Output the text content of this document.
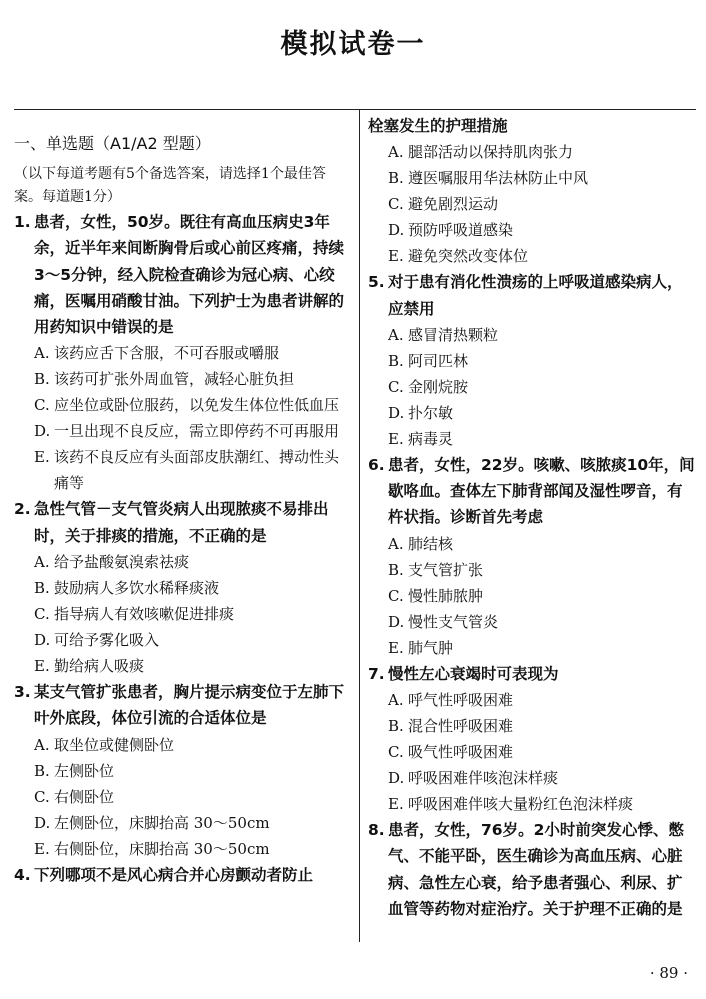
模拟试卷一
一、单选题（A1/A2 型题）
（以下每道考题有5个备选答案，请选择1个最佳答案。每道题1分）
1. 患者，女性，50岁。既往有高血压病史3年余，近半年来间断胸骨后或心前区疼痛，持续3～5分钟，经入院检查确诊为冠心病、心绞痛，医嘱用硝酸甘油。下列护士为患者讲解的用药知识中错误的是
A. 该药应舌下含服，不可吞服或嚼服
B. 该药可扩张外周血管，减轻心脏负担
C. 应坐位或卧位服药，以免发生体位性低血压
D. 一旦出现不良反应，需立即停药不可再服用
E. 该药不良反应有头面部皮肤潮红、搏动性头痛等
2. 急性气管－支气管炎病人出现脓痰不易排出时，关于排痰的措施，不正确的是
A. 给予盐酸氨溴索祛痰
B. 鼓励病人多饮水稀释痰液
C. 指导病人有效咳嗽促进排痰
D. 可给予雾化吸入
E. 勤给病人吸痰
3. 某支气管扩张患者，胸片提示病变位于左肺下叶外底段，体位引流的合适体位是
A. 取坐位或健侧卧位
B. 左侧卧位
C. 右侧卧位
D. 左侧卧位，床脚抬高 30～50cm
E. 右侧卧位，床脚抬高 30～50cm
4. 下列哪项不是风心病合并心房颤动者防止
栓塞发生的护理措施
A. 腿部活动以保持肌肉张力
B. 遵医嘱服用华法林防止中风
C. 避免剧烈运动
D. 预防呼吸道感染
E. 避免突然改变体位
5. 对于患有消化性溃疡的上呼吸道感染病人，应禁用
A. 感冒清热颗粒
B. 阿司匹林
C. 金刚烷胺
D. 扑尔敏
E. 病毒灵
6. 患者，女性，22岁。咳嗽、咳脓痰10年，间歇咯血。查体左下肺背部闻及湿性啰音，有杵状指。诊断首先考虑
A. 肺结核
B. 支气管扩张
C. 慢性肺脓肿
D. 慢性支气管炎
E. 肺气肿
7. 慢性左心衰竭时可表现为
A. 呼气性呼吸困难
B. 混合性呼吸困难
C. 吸气性呼吸困难
D. 呼吸困难伴咳泡沫样痰
E. 呼吸困难伴咳大量粉红色泡沫样痰
8. 患者，女性，76岁。2小时前突发心悸、憋气、不能平卧，医生确诊为高血压病、心脏病、急性左心衰，给予患者强心、利尿、扩血管等药物对症治疗。关于护理不正确的是
· 89 ·
